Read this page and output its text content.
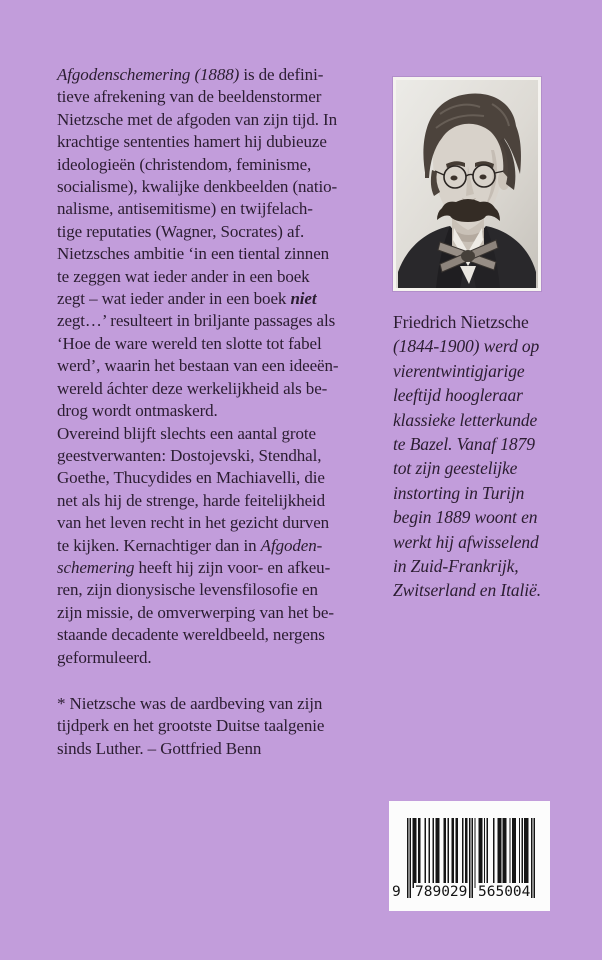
Afgodenschemering (1888) is de defini-
tieve afrekening van de beeldenstormer
Nietzsche met de afgoden van zijn tijd. In
krachtige sententies hamert hij dubieuze
ideologieën (christendom, feminisme,
socialisme), kwalijke denkbeelden (natio-
nalisme, antisemitisme) en twijfelach-
tige reputaties (Wagner, Socrates) af.
Nietzsches ambitie ‘in een tiental zinnen
te zeggen wat ieder ander in een boek
zegt – wat ieder ander in een boek niet
zegt…’ resulteert in briljante passages als
‘Hoe de ware wereld ten slotte tot fabel
werd’, waarin het bestaan van een ideeën-
wereld áchter deze werkelijkheid als be-
drog wordt ontmaskerd.
Overeind blijft slechts een aantal grote
geestverwanten: Dostojevski, Stendhal,
Goethe, Thucydides en Machiavelli, die
net als hij de strenge, harde feitelijkheid
van het leven recht in het gezicht durven
te kijken. Kernachtiger dan in Afgoden-
schemering heeft hij zijn voor- en afkeu-
ren, zijn dionysische levensfilosofie en
zijn missie, de omverwerping van het be-
staande decadente wereldbeeld, nergens
geformuleerd.
* Nietzsche was de aardbeving van zijn
tijdperk en het grootste Duitse taalgenie
sinds Luther. – Gottfried Benn
Friedrich Nietzsche
(1844-1900) werd op
vierentwintigjarige
leeftijd hoogleraar
klassieke letterkunde
te Bazel. Vanaf 1879
tot zijn geestelijke
instorting in Turijn
begin 1889 woont en
werkt hij afwisselend
in Zuid-Frankrijk,
Zwitserland en Italië.
9 789029 565004
